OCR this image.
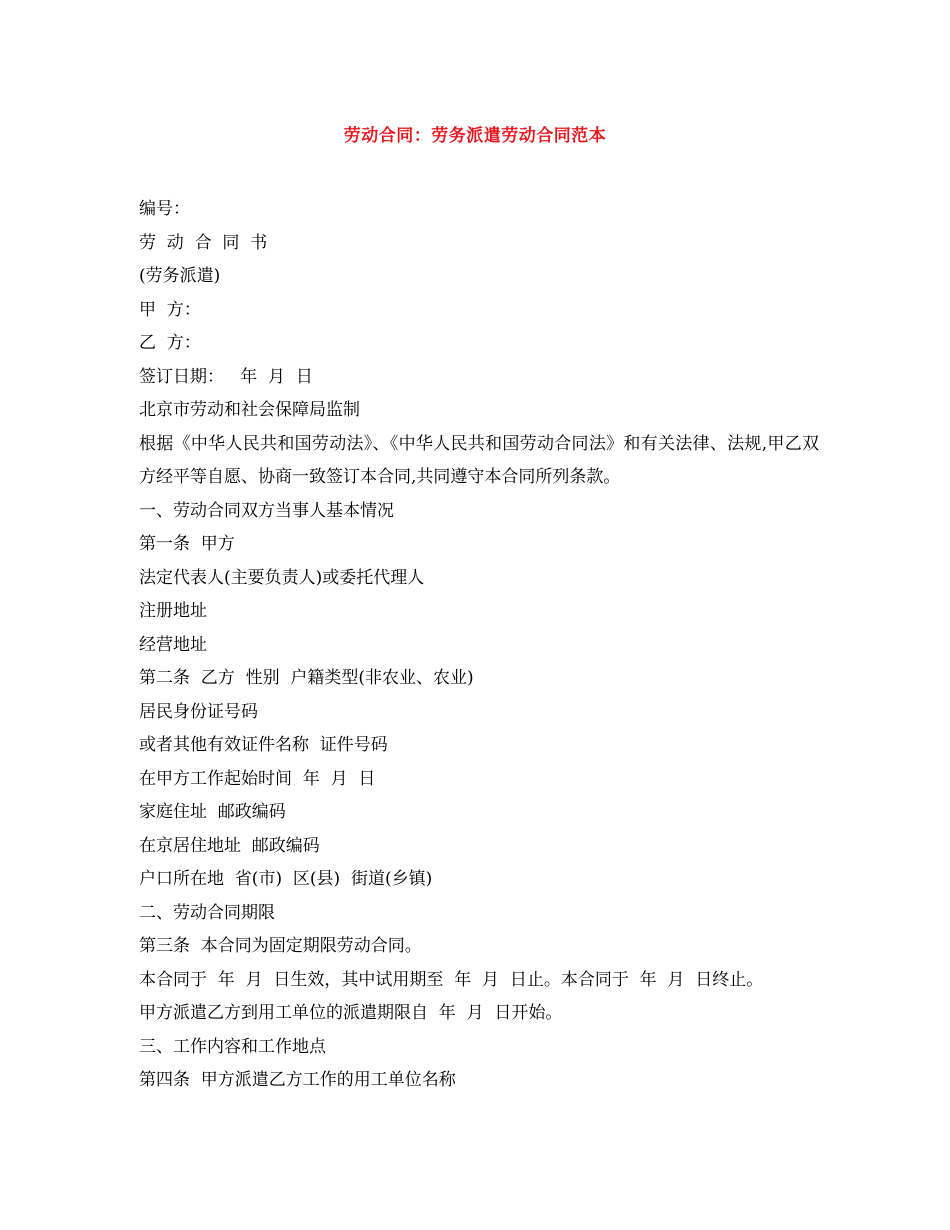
劳动合同：劳务派遣劳动合同范本
编号：
劳  动  合  同  书
(劳务派遣)
甲  方：
乙  方：
签订日期：   年  月  日
北京市劳动和社会保障局监制
根据《中华人民共和国劳动法》、《中华人民共和国劳动合同法》和有关法律、法规,甲乙双方经平等自愿、协商一致签订本合同,共同遵守本合同所列条款。
一、劳动合同双方当事人基本情况
第一条  甲方
法定代表人(主要负责人)或委托代理人
注册地址
经营地址
第二条  乙方  性别  户籍类型(非农业、农业)
居民身份证号码
或者其他有效证件名称  证件号码
在甲方工作起始时间  年  月  日
家庭住址  邮政编码
在京居住地址  邮政编码
户口所在地  省(市)  区(县)  街道(乡镇)
二、劳动合同期限
第三条  本合同为固定期限劳动合同。
本合同于  年  月  日生效，其中试用期至  年  月  日止。本合同于  年  月  日终止。
甲方派遣乙方到用工单位的派遣期限自  年  月  日开始。
三、工作内容和工作地点
第四条  甲方派遣乙方工作的用工单位名称
